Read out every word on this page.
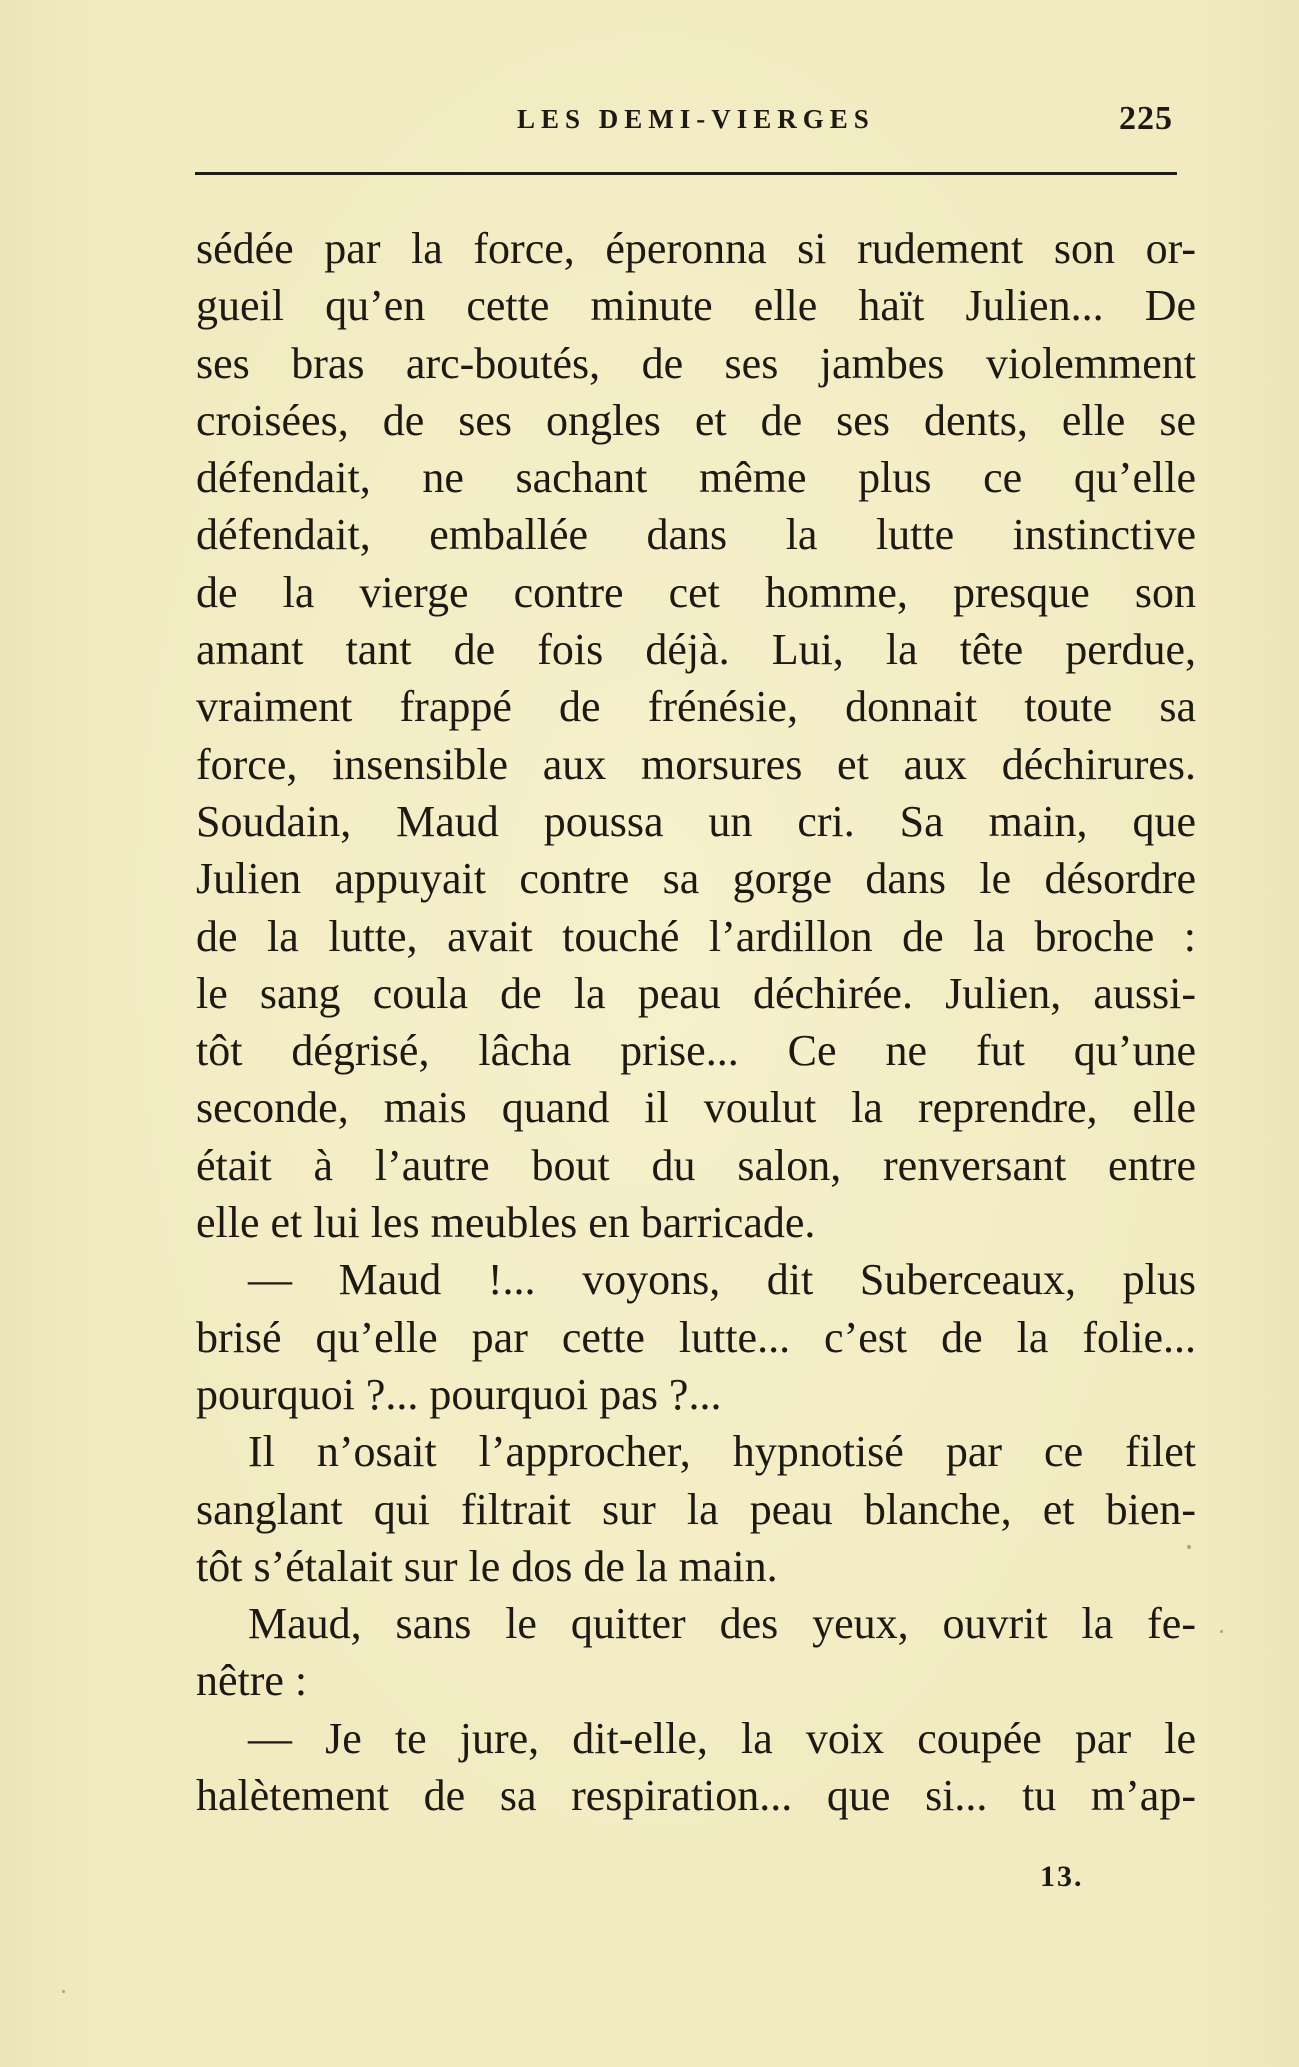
LES DEMI-VIERGES	225
sédée par la force, éperonna si rudement son or-
gueil qu’en cette minute elle haït Julien... De
ses bras arc-boutés, de ses jambes violemment
croisées, de ses ongles et de ses dents, elle se
défendait, ne sachant même plus ce qu’elle
défendait, emballée dans la lutte instinctive
de la vierge contre cet homme, presque son
amant tant de fois déjà. Lui, la tête perdue,
vraiment frappé de frénésie, donnait toute sa
force, insensible aux morsures et aux déchirures.
Soudain, Maud poussa un cri. Sa main, que
Julien appuyait contre sa gorge dans le désordre
de la lutte, avait touché l’ardillon de la broche :
le sang coula de la peau déchirée. Julien, aussi-
tôt dégrisé, lâcha prise... Ce ne fut qu’une
seconde, mais quand il voulut la reprendre, elle
était à l’autre bout du salon, renversant entre
elle et lui les meubles en barricade.
— Maud !... voyons, dit Suberceaux, plus
brisé qu’elle par cette lutte... c’est de la folie...
pourquoi ?... pourquoi pas ?...
Il n’osait l’approcher, hypnotisé par ce filet
sanglant qui filtrait sur la peau blanche, et bien-
tôt s’étalait sur le dos de la main.
Maud, sans le quitter des yeux, ouvrit la fe-
nêtre :
— Je te jure, dit-elle, la voix coupée par le
halètement de sa respiration... que si... tu m’ap-
13.
